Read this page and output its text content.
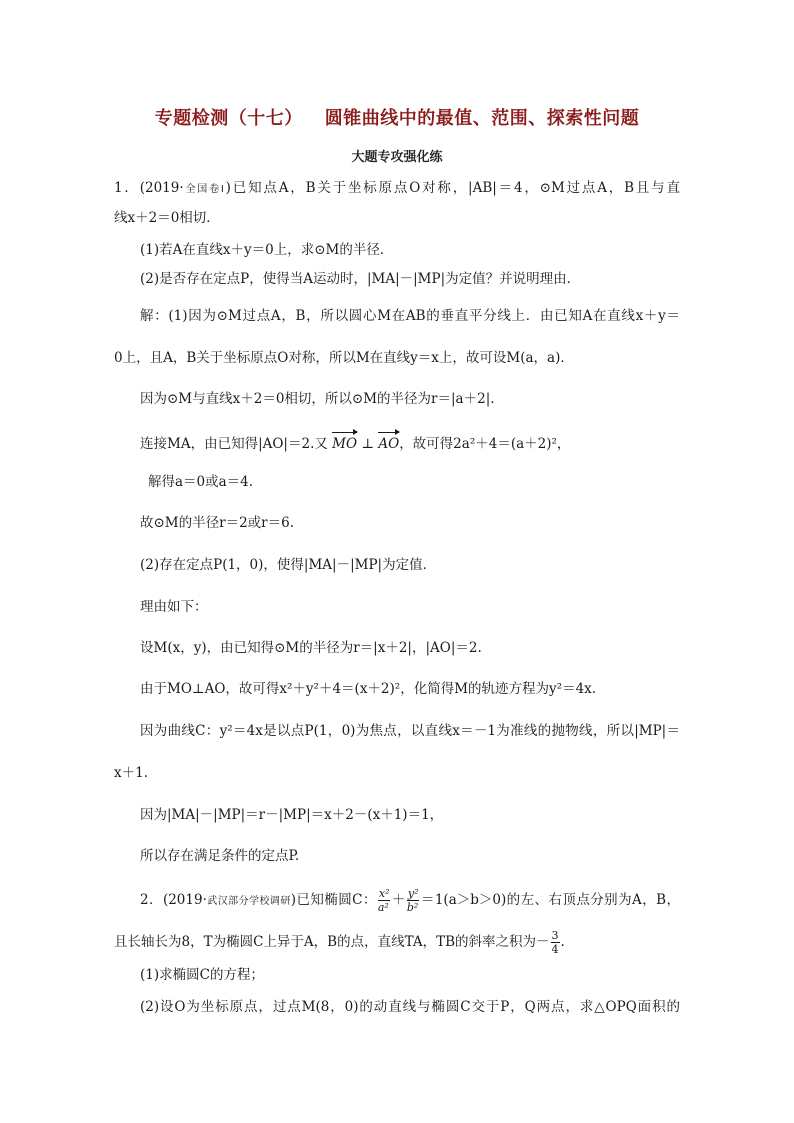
专题检测（十七） 圆锥曲线中的最值、范围、探索性问题
大题专攻强化练
1．(2019·全国卷Ⅰ)已知点A，B关于坐标原点O对称，|AB|＝4，⊙M过点A，B且与直
线x＋2＝0相切．
(1)若A在直线x＋y＝0上，求⊙M的半径．
(2)是否存在定点P，使得当A运动时，|MA|－|MP|为定值？并说明理由．
解：(1)因为⊙M过点A，B，所以圆心M在AB的垂直平分线上．由已知A在直线x＋y＝
0上，且A，B关于坐标原点O对称，所以M在直线y＝x上，故可设M(a，a)．
因为⊙M与直线x＋2＝0相切，所以⊙M的半径为r＝|a＋2|.
连接MA，由已知得|AO|＝2.又 MO ⊥ AO，故可得2a²＋4＝(a＋2)²，
解得a＝0或a＝4.
故⊙M的半径r＝2或r＝6.
(2)存在定点P(1，0)，使得|MA|－|MP|为定值．
理由如下：
设M(x，y)，由已知得⊙M的半径为r＝|x＋2|，|AO|＝2.
由于MO⊥AO，故可得x²＋y²＋4＝(x＋2)²，化简得M的轨迹方程为y²＝4x.
因为曲线C：y²＝4x是以点P(1，0)为焦点，以直线x＝－1为准线的抛物线，所以|MP|＝
x＋1.
因为|MA|－|MP|＝r－|MP|＝x＋2－(x＋1)＝1，
所以存在满足条件的定点P.
2．(2019·武汉部分学校调研)已知椭圆C： $\frac{\text{x²}}{\text{a²}} + \frac{\text{y²}}{\text{b²}} =1(a>b>0)$的左、右顶点分别为A，B，
且长轴长为8，T为椭圆C上异于A，B的点，直线TA，TB的斜率之积为－ $\frac{3}{4}$ .
(1)求椭圆C的方程；
(2)设O为坐标原点，过点M(8，0)的动直线与椭圆C交于P，Q两点，求△OPQ面积的
